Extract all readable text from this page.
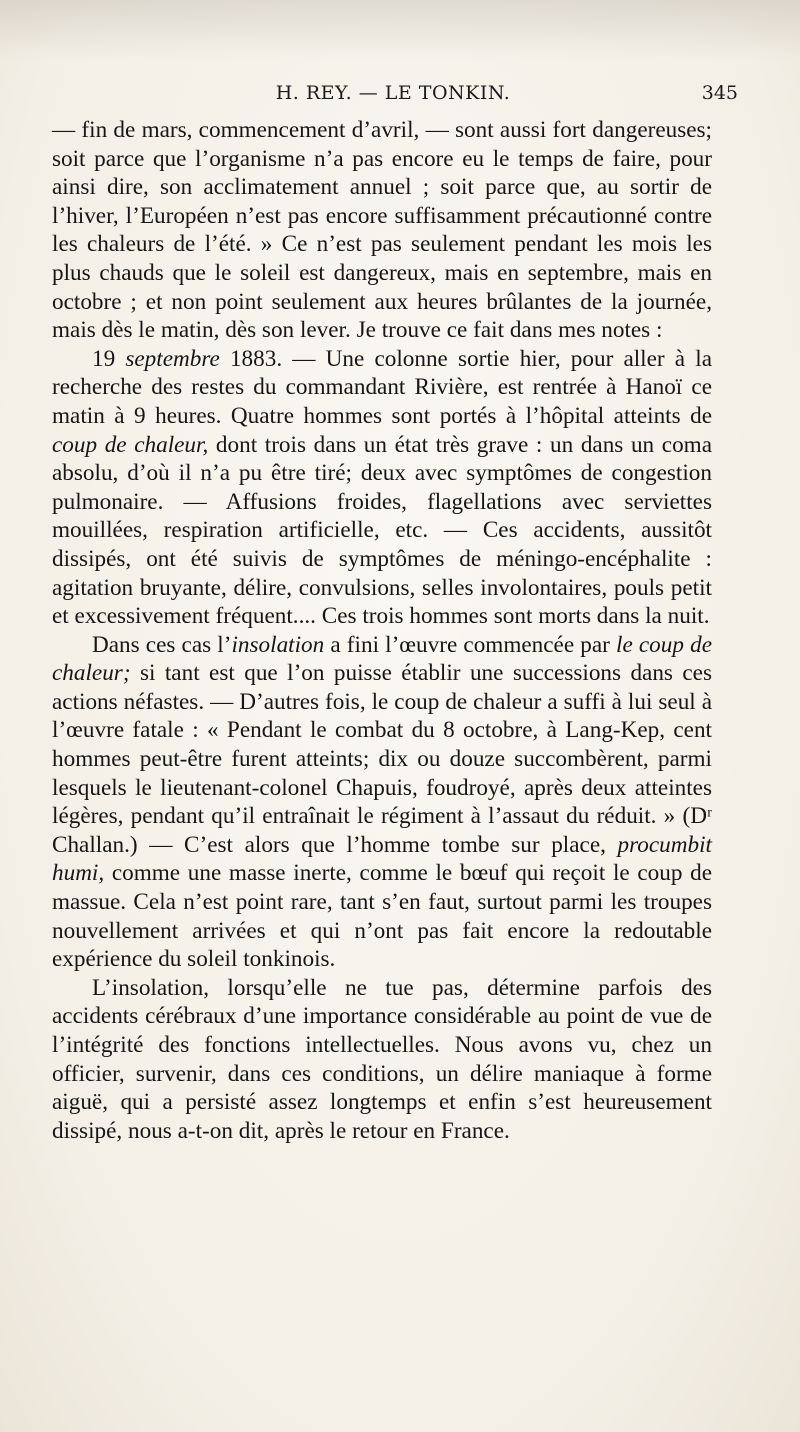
H. REY. — LE TONKIN.	345

— fin de mars, commencement d’avril, — sont aussi fort dangereuses; soit parce que l’organisme n’a pas encore eu le temps de faire, pour ainsi dire, son acclimatement annuel ; soit parce que, au sortir de l’hiver, l’Européen n’est pas encore suffisamment précautionné contre les chaleurs de l’été. » Ce n’est pas seulement pendant les mois les plus chauds que le soleil est dangereux, mais en septembre, mais en octobre ; et non point seulement aux heures brûlantes de la journée, mais dès le matin, dès son lever. Je trouve ce fait dans mes notes :

19 septembre 1883. — Une colonne sortie hier, pour aller à la recherche des restes du commandant Rivière, est rentrée à Hanoï ce matin à 9 heures. Quatre hommes sont portés à l’hôpital atteints de coup de chaleur, dont trois dans un état très grave : un dans un coma absolu, d’où il n’a pu être tiré; deux avec symptômes de congestion pulmonaire. — Affusions froides, flagellations avec serviettes mouillées, respiration artificielle, etc. — Ces accidents, aussitôt dissipés, ont été suivis de symptômes de méningo-encéphalite : agitation bruyante, délire, convulsions, selles involontaires, pouls petit et excessivement fréquent.... Ces trois hommes sont morts dans la nuit.

Dans ces cas l’insolation a fini l’œuvre commencée par le coup de chaleur; si tant est que l’on puisse établir une successions dans ces actions néfastes. — D’autres fois, le coup de chaleur a suffi à lui seul à l’œuvre fatale : « Pendant le combat du 8 octobre, à Lang-Kep, cent hommes peut-être furent atteints; dix ou douze succombèrent, parmi lesquels le lieutenant-colonel Chapuis, foudroyé, après deux atteintes légères, pendant qu’il entraînait le régiment à l’assaut du réduit. » (Dʳ Challan.) — C’est alors que l’homme tombe sur place, procumbit humi, comme une masse inerte, comme le bœuf qui reçoit le coup de massue. Cela n’est point rare, tant s’en faut, surtout parmi les troupes nouvellement arrivées et qui n’ont pas fait encore la redoutable expérience du soleil tonkinois.

L’insolation, lorsqu’elle ne tue pas, détermine parfois des accidents cérébraux d’une importance considérable au point de vue de l’intégrité des fonctions intellectuelles. Nous avons vu, chez un officier, survenir, dans ces conditions, un délire maniaque à forme aiguë, qui a persisté assez longtemps et enfin s’est heureusement dissipé, nous a-t-on dit, après le retour en France.
